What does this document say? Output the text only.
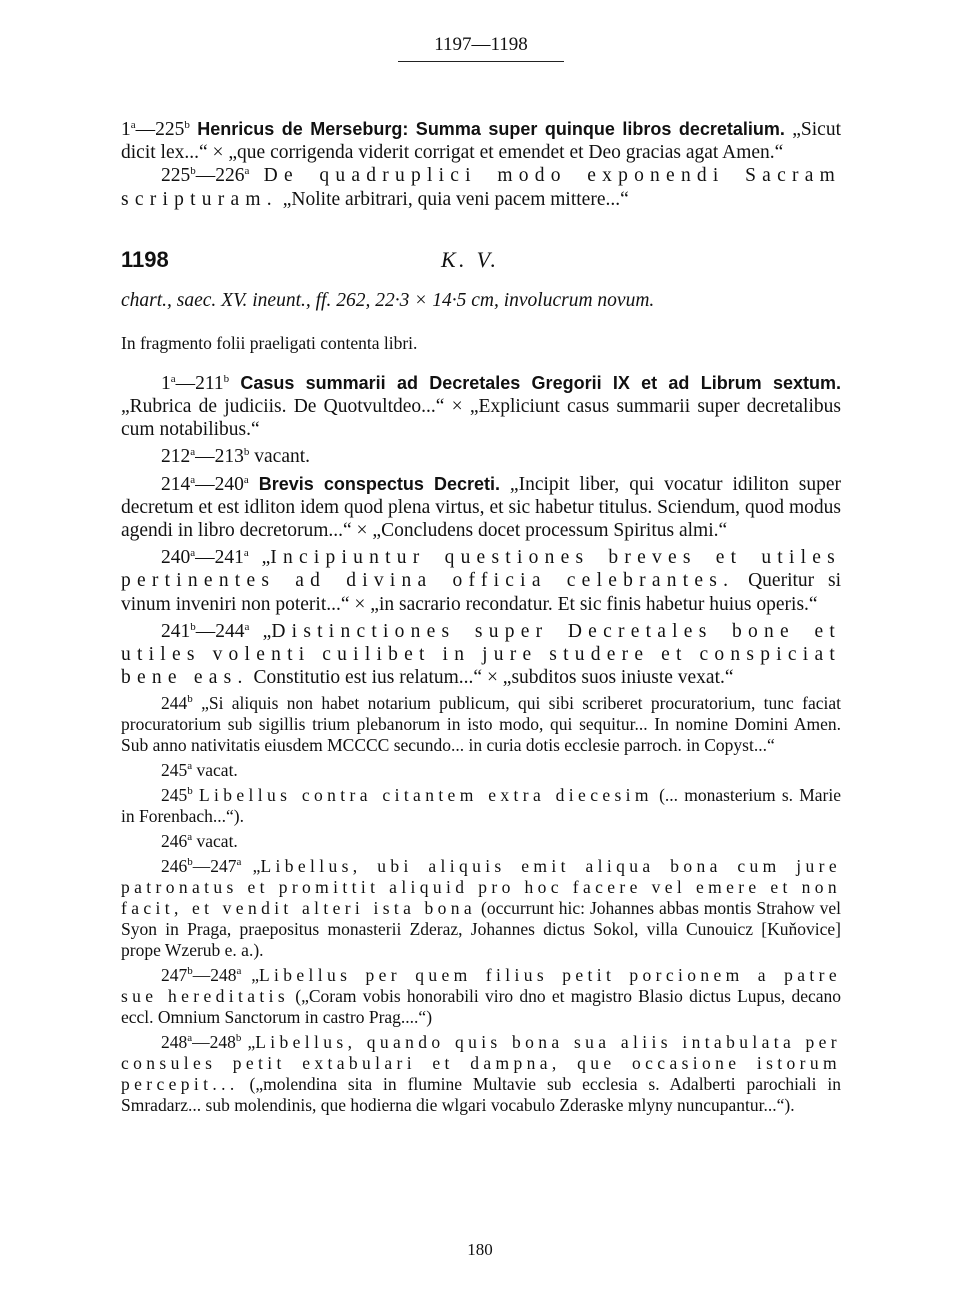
1197—1198

1$^a$—225$^b$ Henricus de Merseburg: Summa super quinque libros decretalium. „Sicut dicit lex...“ × „que corrigenda viderit corrigat et emendet et Deo gracias agat Amen.“

225$^b$—226$^a$ De quadruplici modo exponendi Sacram scripturam. „Nolite arbitrari, quia veni pacem mittere...“

1198	K. V.

chart., saec. XV. ineunt., ff. 262, 22·3 × 14·5 cm, involucrum novum.

In fragmento folii praeligati contenta libri.

1$^a$—211$^b$ Casus summarii ad Decretales Gregorii IX et ad Librum sextum. „Rubrica de judiciis. De Quotvultdeo...“ × „Expliciunt casus summarii super decretalibus cum notabilibus.“

212$^a$—213$^b$ vacant.

214$^a$—240$^a$ Brevis conspectus Decreti. „Incipit liber, qui vocatur idiliton super decretum et est idliton idem quod plena virtus, et sic habetur titulus. Sciendum, quod modus agendi in libro decretorum...“ × „Concludens docet processum Spiritus almi.“

240$^a$—241$^a$ „Incipiuntur questiones breves et utiles pertinentes ad divina officia celebrantes. Queritur si vinum inveniri non poterit...“ × „in sacrario recondatur. Et sic finis habetur huius operis.“

241$^b$—244$^a$ „Distinctiones super Decretales bone et utiles volenti cuilibet in jure studere et conspiciat bene eas. Constitutio est ius relatum...“ × „subditos suos iniuste vexat.“

244$^b$ „Si aliquis non habet notarium publicum, qui sibi scriberet procuratorium, tunc faciat procuratorium sub sigillis trium plebanorum in isto modo, qui sequitur... In nomine Domini Amen. Sub anno nativitatis eiusdem MCCCC secundo... in curia dotis ecclesie parroch. in Copyst...“

245$^a$ vacat.

245$^b$ Libellus contra citantem extra diecesim (... monasterium s. Marie in Forenbach...“).

246$^a$ vacat.

246$^b$—247$^a$ „Libellus, ubi aliquis emit aliqua bona cum jure patronatus et promittit aliquid pro hoc facere vel emere et non facit, et vendit alteri ista bona (occurrunt hic: Johannes abbas montis Strahow vel Syon in Praga, praepositus monasterii Zderaz, Johannes dictus Sokol, villa Cunouicz [Kuňovice] prope Wzerub e. a.).

247$^b$—248$^a$ „Libellus per quem filius petit porcionem a patre sue hereditatis („Coram vobis honorabili viro dno et magistro Blasio dictus Lupus, decano eccl. Omnium Sanctorum in castro Prag....“)

248$^a$—248$^b$ „Libellus, quando quis bona sua aliis intabulata per consules petit extabulari et dampna, que occasione istorum percepit... („molendina sita in flumine Multavie sub ecclesia s. Adalberti parochiali in Smradarz... sub molendinis, que hodierna die wlgari vocabulo Zderaske mlyny nuncupantur...“).

180
